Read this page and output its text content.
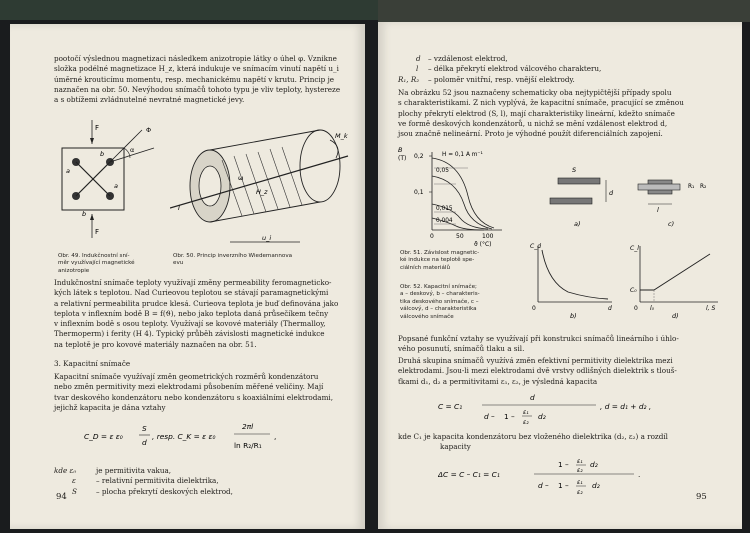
pootočí výslednou magnetizaci následkem anizotropie látky o úhel φ. Vznikne
složka podélné magnetizace H_z, která indukuje ve snímacím vinutí napětí u_i
úměrné krouticímu momentu, resp. mechanickému napětí v krutu. Princip je
naznačen na obr. 50. Nevýhodou snímačů tohoto typu je vliv teploty, hystereze
a s obtížemi zvládnutelné nevratné magnetické jevy.
F
a
b
b
a
α
Φ
F
M_k
H_z
ω
u_i
I
Obr. 49. Indukčnostní sní-
měr využívající magnetické
anizotropie
Obr. 50. Princip inverzního Wiedemannova
evu
Indukčnostní snímače teploty využívají změny permeability feromagneticko-
kých látek s teplotou. Nad Curieovou teplotou se stávají paramagnetickými
a relativní permeabilita prudce klesá. Curieova teplota je buď definována jako
teplota v inflexním bodě B = f(ϑ), nebo jako teplota daná průsečíkem tečny
v inflexním bodě s osou teploty. Využívají se kovové materiály (Thermalloy,
Thermoperm) i ferity (H 4). Typický průběh závislosti magnetické indukce
na teplotě je pro kovové materiály naznačen na obr. 51.
3. Kapacitní snímače
Kapacitní snímače využívají změn geometrických rozměrů kondenzátoru
nebo změn permitivity mezi elektrodami působením měřené veličiny. Mají
tvar deskového kondenzátoru nebo kondenzátoru s koaxiálními elektrodami,
jejichž kapacita je dána vztahy
C_D = ε ε₀
S
d
, resp. C_K = ε ε₀
2πl
ln R₂/R₁
,
kde ε₀	je permitivita vakua,
ε	– relativní permitivita dielektrika,
S	– plocha překrytí deskových elektrod,
94
d – vzdálenost elektrod,
l – délka překrytí elektrod válcového charakteru,
R₁, R₂ – poloměr vnitřní, resp. vnější elektrody.
Na obrázku 52 jsou naznačeny schematicky oba nejtypičtější případy spolu
s charakteristikami. Z nich vyplývá, že kapacitní snímače, pracující se změnou
plochy překrytí elektrod (S, l), mají charakteristiky lineární, kdežto snímače
ve formě deskových kondenzátorů, u nichž se mění vzdálenost elektrod d,
jsou značně nelineární. Proto je výhodné použít diferenciálních zapojení.
B
(T) 0,2
0,1
0	50	100
ϑ (°C)
H = 0,1 A m⁻¹
0,05
0,015
0,004
S
d
a)
l
R₁ R₂
c)
C_d
0	d
b)
C_l
C₀
0 l₀	l, S
d)
Obr. 51. Závislost magnetic-
ké indukce na teplotě spe-
ciálních materiálů
Obr. 52. Kapacitní snímače;
a – deskový, b – charakteris-
tika deskového snímače, c –
válcový, d – charakteristika
válcového snímače
Popsané funkční vztahy se využívají při konstrukci snímačů lineárního i úhlo-
vého posunutí, snímačů tlaku a sil.
Druhá skupina snímačů využívá změn efektivní permitivity dielektrika mezi
elektrodami. Jsou-li mezi elektrodami dvě vrstvy odlišných dielektrik s tlouš-
ťkami d₁, d₂ a permitivitami ε₁, ε₂, je výsledná kapacita
C = C₁
d
d – 1 – ε₁
ε₂
d₂
, d = d₁ + d₂ ,
kde C₁ je kapacita kondenzátoru bez vloženého dielektrika (d₂, ε₂) a rozdíl
kapacity
ΔC = C – C₁ = C₁
1 – ε₁
ε₂
d₂
d – 1 – ε₁
ε₂
d₂
.
95
